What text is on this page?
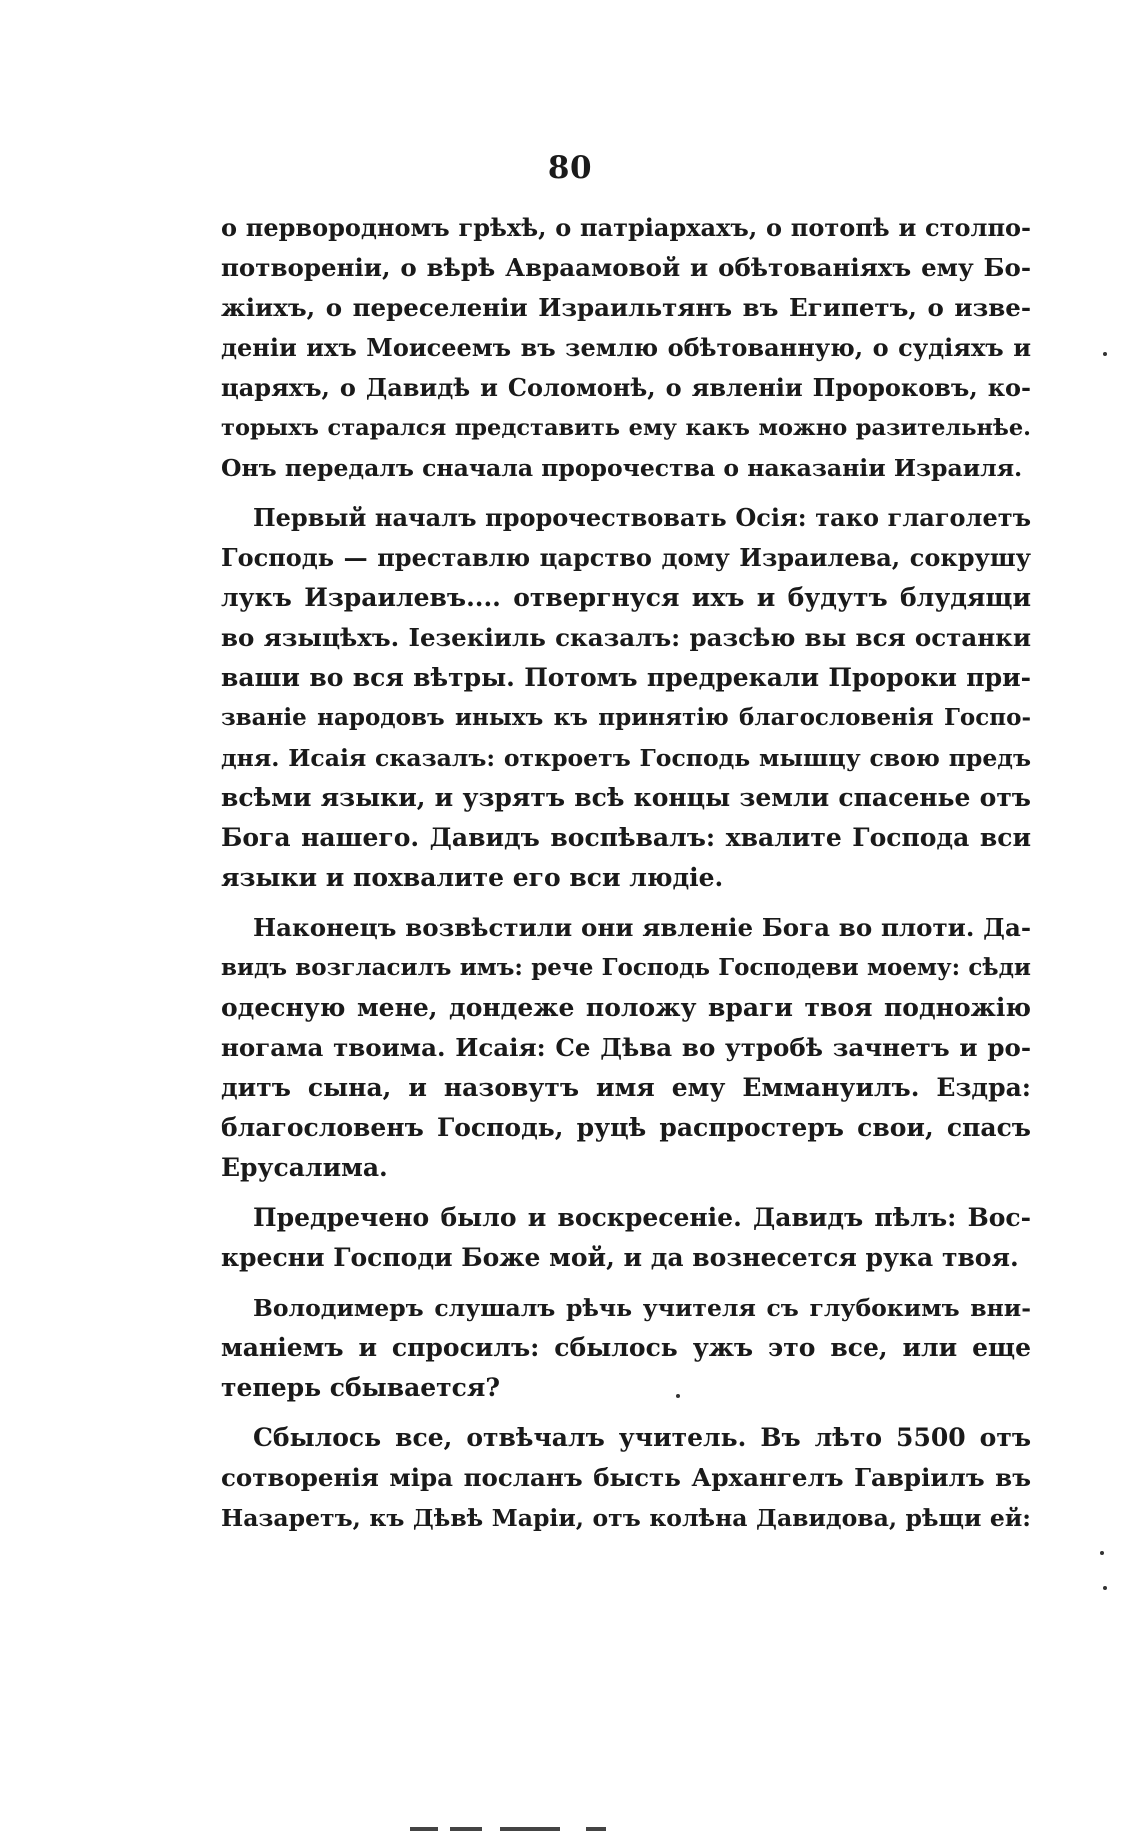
80
о первородномъ грѣхѣ, о патріархахъ, о потопѣ и столпо-
потвореніи, о вѣрѣ Авраамовой и обѣтованіяхъ ему Бо-
жіихъ, о переселеніи Израильтянъ въ Египетъ, о изве-
деніи ихъ Моисеемъ въ землю обѣтованную, о судіяхъ и
царяхъ, о Давидѣ и Соломонѣ, о явленіи Пророковъ, ко-
торыхъ старался представить ему какъ можно разительнѣе.
Онъ передалъ сначала пророчества о наказаніи Израиля.
Первый началъ пророчествовать Осія: тако глаголетъ
Господь — преставлю царство дому Израилева, сокрушу
лукъ Израилевъ.... отвергнуся ихъ и будутъ блудящи
во языцѣхъ. Іезекіиль сказалъ: разсѣю вы вся останки
ваши во вся вѣтры. Потомъ предрекали Пророки при-
званіе народовъ иныхъ къ принятію благословенія Госпо-
дня. Исаія сказалъ: откроетъ Господь мышцу свою предъ
всѣми языки, и узрятъ всѣ концы земли спасенье отъ
Бога нашего. Давидъ воспѣвалъ: хвалите Господа вси
языки и похвалите его вси людіе.
Наконецъ возвѣстили они явленіе Бога во плоти. Да-
видъ возгласилъ имъ: рече Господь Господеви моему: сѣди
одесную мене, дондеже положу враги твоя подножію
ногама твоима. Исаія: Се Дѣва во утробѣ зачнетъ и ро-
дитъ сына, и назовутъ имя ему Еммануилъ. Ездра:
благословенъ Господь, руцѣ распростеръ свои, спасъ
Ерусалима.
Предречено было и воскресеніе. Давидъ пѣлъ: Вос-
кресни Господи Боже мой, и да вознесется рука твоя.
Володимеръ слушалъ рѣчь учителя съ глубокимъ вни-
маніемъ и спросилъ: сбылось ужъ это все, или еще
теперь сбывается?
Сбылось все, отвѣчалъ учитель. Въ лѣто 5500 отъ
сотворенія міра посланъ бысть Архангелъ Гавріилъ въ
Назаретъ, къ Дѣвѣ Маріи, отъ колѣна Давидова, рѣщи ей:
